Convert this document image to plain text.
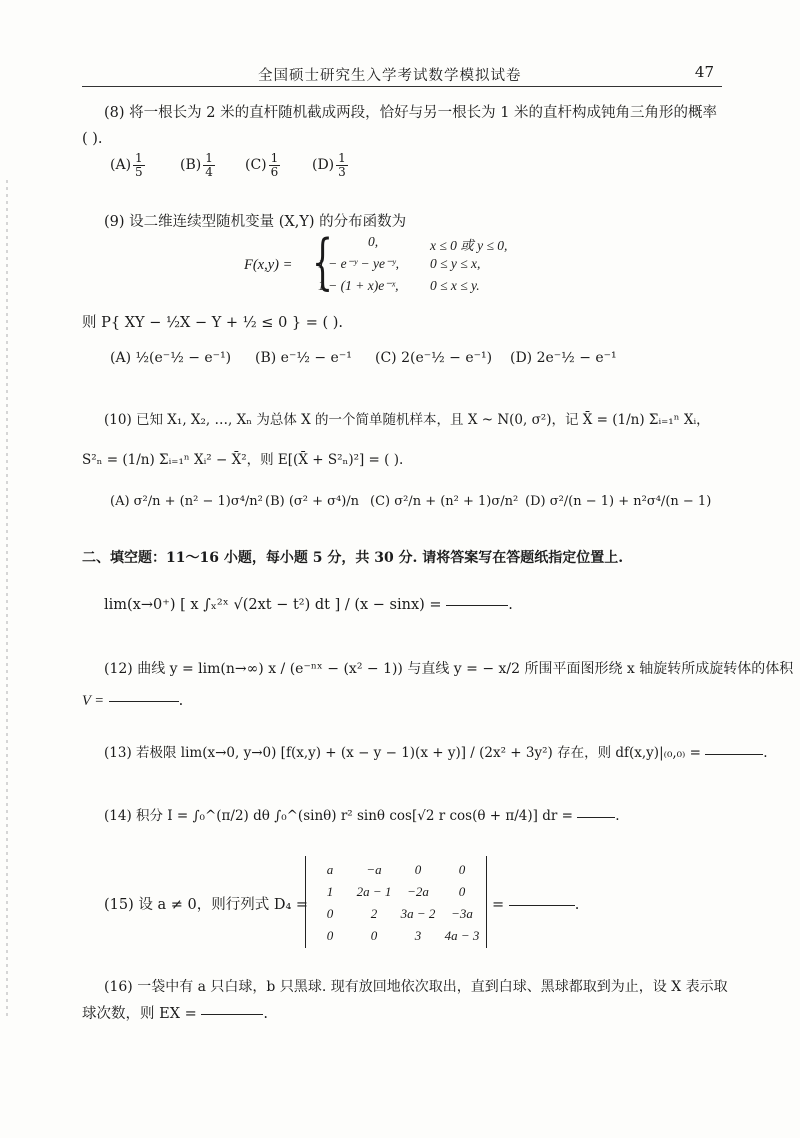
全国硕士研究生入学考试数学模拟试卷	47
(8) 将一根长为 2 米的直杆随机截成两段，恰好与另一根长为 1 米的直杆构成钝角三角形的概率
( ).
$(A) \frac{1}{5}$	$(B) \frac{1}{4} (C) \frac{1}{6} (D) \frac{1}{3}$
(9) 设二维连续型随机变量 (X,Y) 的分布函数为
F(x,y) = {	0,	x ≤ 0 或 y ≤ 0,
1 − e⁻ʸ − ye⁻ʸ, 0 ≤ y ≤ x,
1 − (1 + x)e⁻ˣ, 0 ≤ x ≤ y.
则 P{ XY − ½X − Y + ½ ≤ 0 } = ( ).
(A) ½(e⁻½ − e⁻¹) (B) e⁻½ − e⁻¹ (C) 2(e⁻½ − e⁻¹) (D) 2e⁻½ − e⁻¹
(10) 已知 X₁, X₂, …, Xₙ 为总体 X 的一个简单随机样本，且 X ~ N(0, σ²)，记 X̄ = (1/n) Σᵢ₌₁ⁿ Xᵢ，
S²ₙ = (1/n) Σᵢ₌₁ⁿ Xᵢ² − X̄²，则 E[(X̄ + S²ₙ)²] = ( ).
(A) σ²/n + (n² − 1)σ⁴/n² (B) (σ² + σ⁴)/n (C) σ²/n + (n² + 1)σ/n² (D) σ²/(n − 1) + n²σ⁴/(n − 1)
二、填空题：11～16 小题，每小题 5 分，共 30 分. 请将答案写在答题纸指定位置上.
lim(x→0⁺) [ x ∫ₓ²ˣ √(2xt − t²) dt ] / (x − sinx) =	.
(12) 曲线 y = lim(n→∞) x / (e⁻ⁿˣ − (x² − 1)) 与直线 y = − x/2 所围平面图形绕 x 轴旋转所成旋转体的体积
V =	.
(13) 若极限 lim(x→0, y→0) [f(x,y) + (x − y − 1)(x + y)] / (2x² + 3y²) 存在，则 df(x,y)|₍₀,₀₎ =	.
(14) 积分 I = ∫₀^(π/2) dθ ∫₀^(sinθ) r² sinθ cos[√2 r cos(θ + π/4)] dr =	.
(15) 设 a ≠ 0，则行列式 D₄ =
a	−a	0	0
1	2a − 1	−2a	0
0	2	3a − 2	−3a
0	0	3	4a − 3
=	.
(16) 一袋中有 a 只白球，b 只黑球. 现有放回地依次取出，直到白球、黑球都取到为止，设 X 表示取
球次数，则 EX =	.
